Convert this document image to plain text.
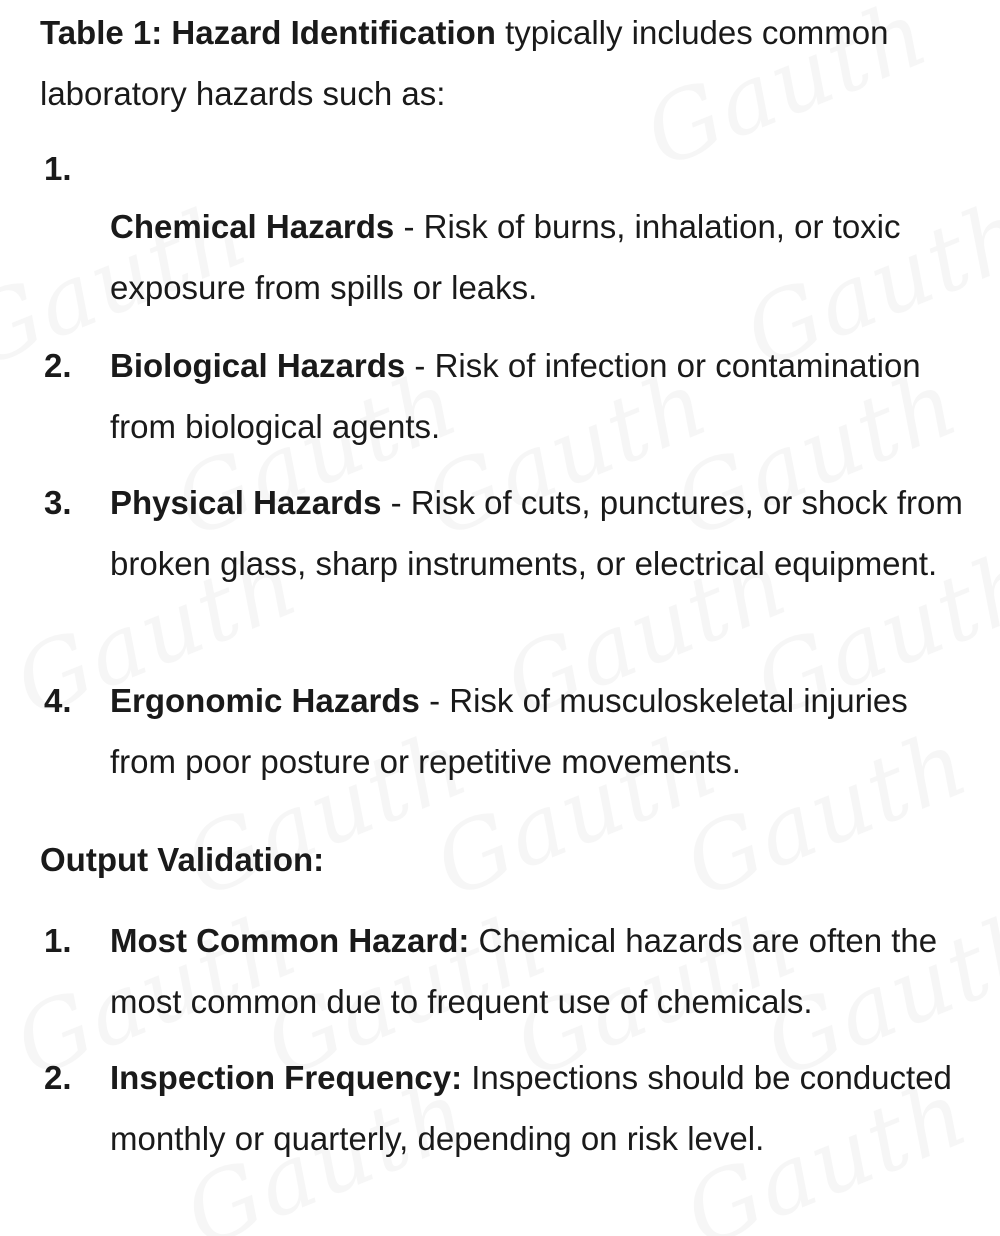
Table 1: Hazard Identification typically includes common laboratory hazards such as:
1.
Chemical Hazards - Risk of burns, inhalation, or toxic exposure from spills or leaks.
2. Biological Hazards - Risk of infection or contamination from biological agents.
3. Physical Hazards - Risk of cuts, punctures, or shock from broken glass, sharp instruments, or electrical equipment.
4. Ergonomic Hazards - Risk of musculoskeletal injuries from poor posture or repetitive movements.
Output Validation:
1. Most Common Hazard: Chemical hazards are often the most common due to frequent use of chemicals.
2. Inspection Frequency: Inspections should be conducted monthly or quarterly, depending on risk level.
